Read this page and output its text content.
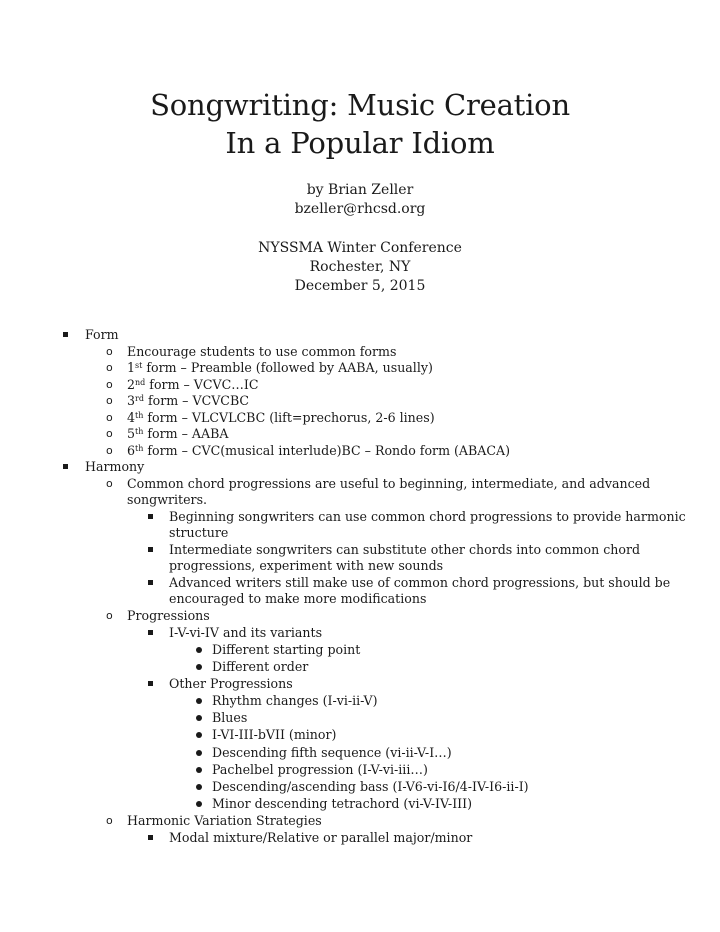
Songwriting: Music Creation
In a Popular Idiom
by Brian Zeller
bzeller@rhcsd.org
NYSSMA Winter Conference
Rochester, NY
December 5, 2015
Form
o Encourage students to use common forms
o 1st form – Preamble (followed by AABA, usually)
o 2nd form – VCVC…IC
o 3rd form – VCVCBC
o 4th form – VLCVLCBC (lift=prechorus, 2-6 lines)
o 5th form – AABA
o 6th form – CVC(musical interlude)BC – Rondo form (ABACA)
Harmony
o Common chord progressions are useful to beginning, intermediate, and advanced
songwriters.
Beginning songwriters can use common chord progressions to provide harmonic
structure
Intermediate songwriters can substitute other chords into common chord
progressions, experiment with new sounds
Advanced writers still make use of common chord progressions, but should be
encouraged to make more modifications
o Progressions
I-V-vi-IV and its variants
Different starting point
Different order
Other Progressions
Rhythm changes (I-vi-ii-V)
Blues
I-VI-III-bVII (minor)
Descending fifth sequence (vi-ii-V-I…)
Pachelbel progression (I-V-vi-iii…)
Descending/ascending bass (I-V6-vi-I6/4-IV-I6-ii-I)
Minor descending tetrachord (vi-V-IV-III)
o Harmonic Variation Strategies
Modal mixture/Relative or parallel major/minor
